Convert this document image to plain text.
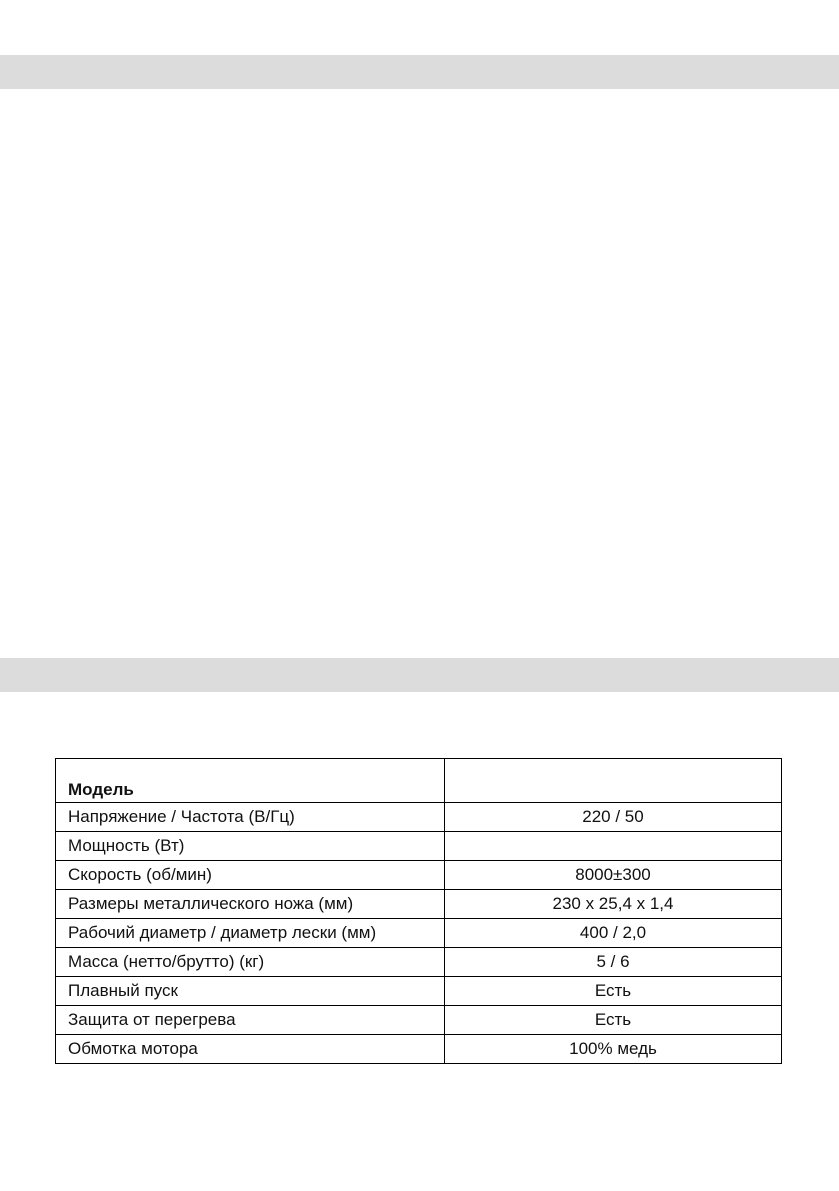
Модель	
Напряжение / Частота (В/Гц)	220 / 50
Мощность (Вт)	
Скорость (об/мин)	8000±300
Размеры металлического ножа (мм)	230 x 25,4 x 1,4
Рабочий диаметр / диаметр лески (мм)	400 / 2,0
Масса (нетто/брутто) (кг)	5 / 6
Плавный пуск	Есть
Защита от перегрева	Есть
Обмотка мотора	100% медь
